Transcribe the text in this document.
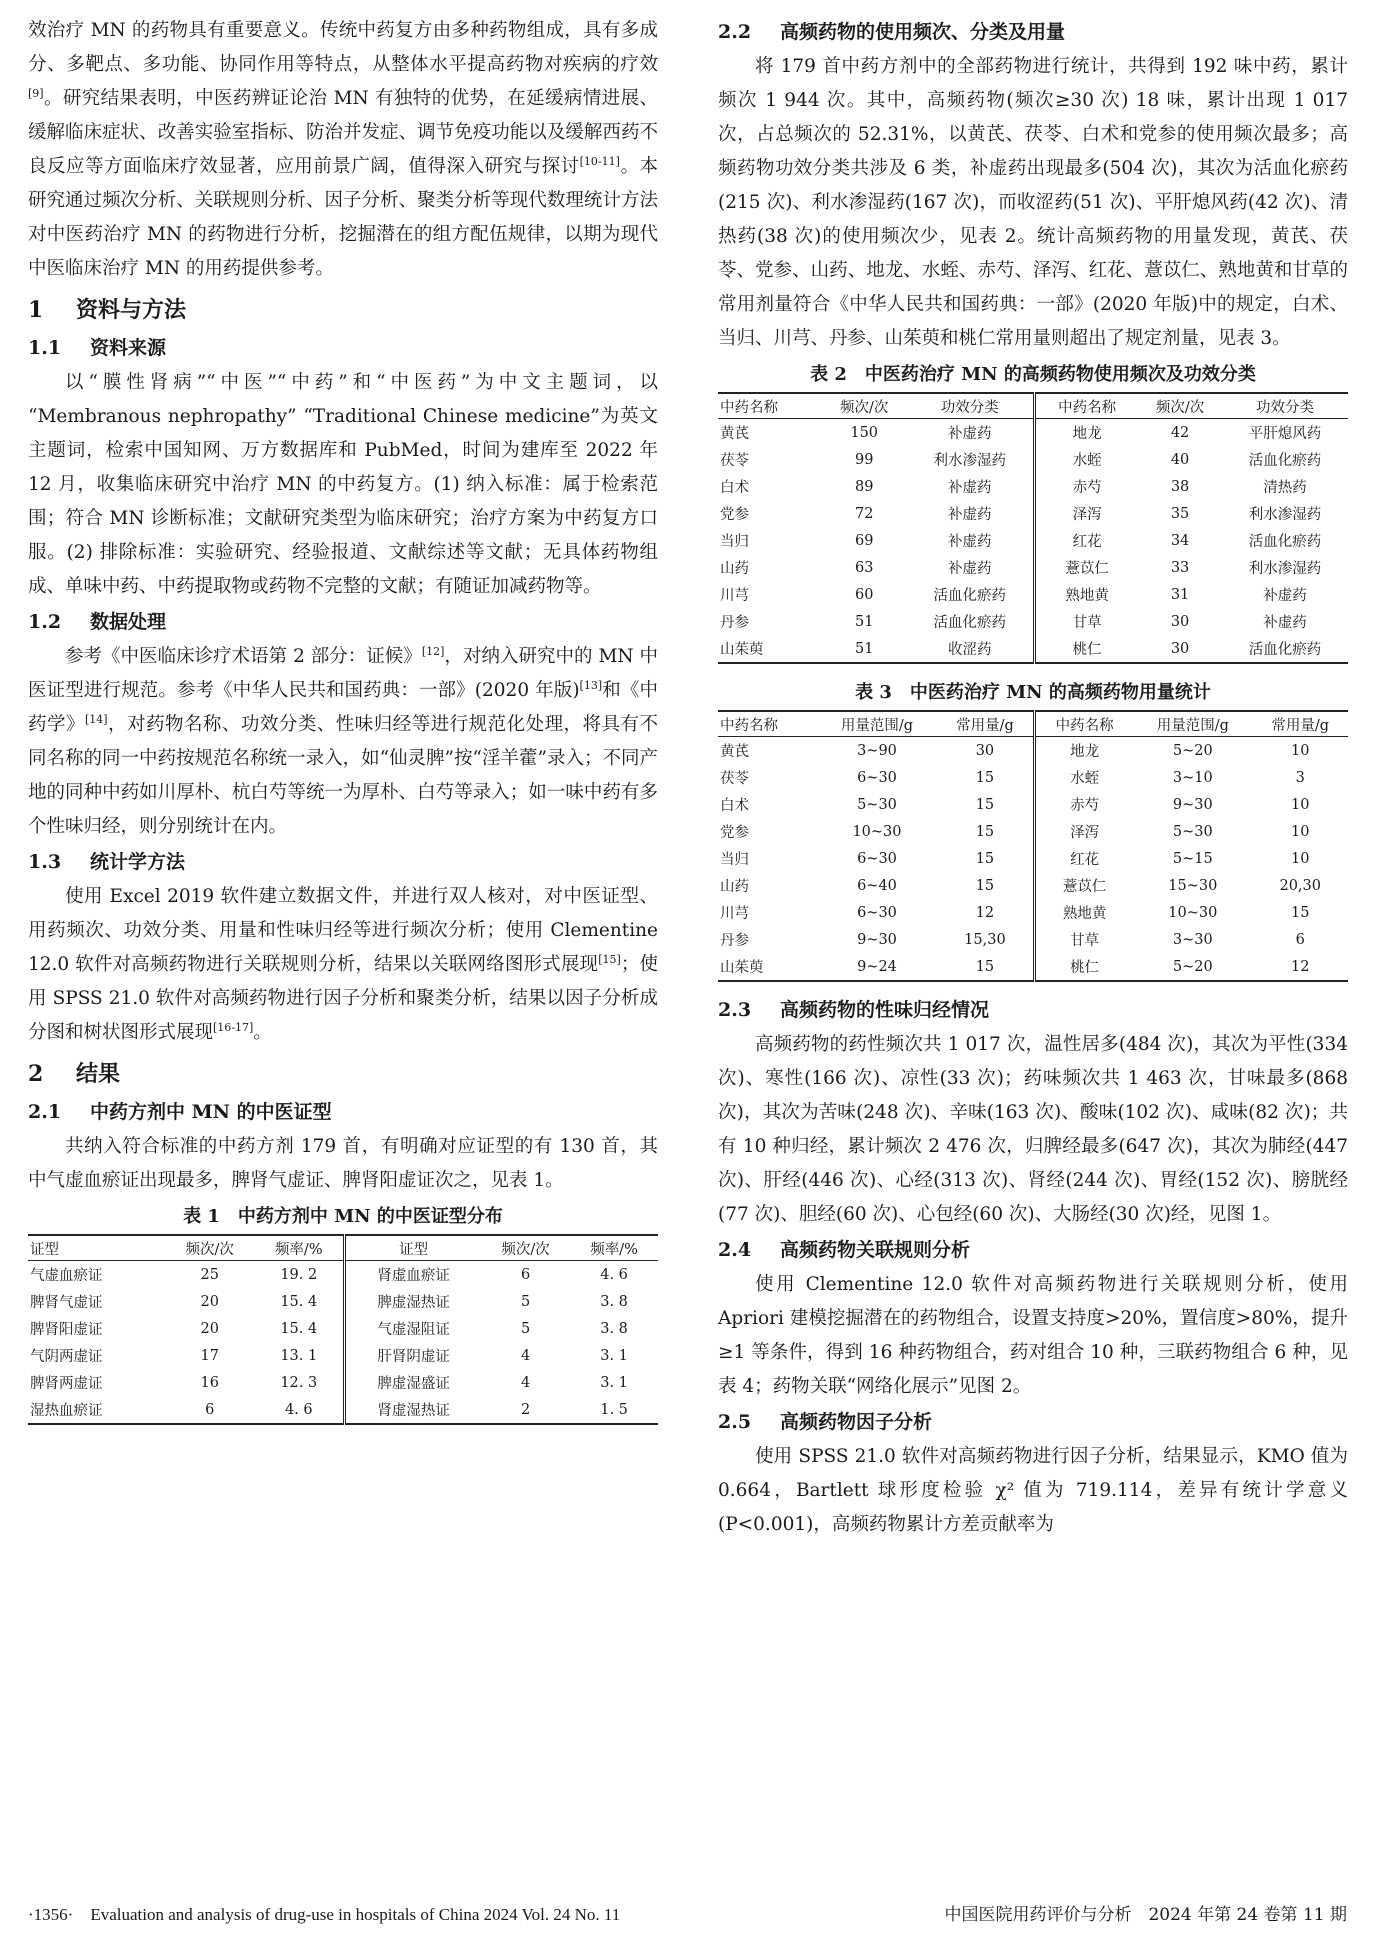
效治疗 MN 的药物具有重要意义。传统中药复方由多种药物组成，具有多成分、多靶点、多功能、协同作用等特点，从整体水平提高药物对疾病的疗效[9]。研究结果表明，中医药辨证论治 MN 有独特的优势，在延缓病情进展、缓解临床症状、改善实验室指标、防治并发症、调节免疫功能以及缓解西药不良反应等方面临床疗效显著，应用前景广阔，值得深入研究与探讨[10-11]。本研究通过频次分析、关联规则分析、因子分析、聚类分析等现代数理统计方法对中医药治疗 MN 的药物进行分析，挖掘潜在的组方配伍规律，以期为现代中医临床治疗 MN 的用药提供参考。

1 资料与方法
1.1 资料来源

以“膜性肾病”“中医”“中药”和“中医药”为中文主题词，以 “Membranous nephropathy” “Traditional Chinese medicine”为英文主题词，检索中国知网、万方数据库和 PubMed，时间为建库至 2022 年 12 月，收集临床研究中治疗 MN 的中药复方。(1) 纳入标准：属于检索范围；符合 MN 诊断标准；文献研究类型为临床研究；治疗方案为中药复方口服。(2) 排除标准：实验研究、经验报道、文献综述等文献；无具体药物组成、单味中药、中药提取物或药物不完整的文献；有随证加减药物等。

1.2 数据处理

参考《中医临床诊疗术语第 2 部分：证候》[12]，对纳入研究中的 MN 中医证型进行规范。参考《中华人民共和国药典：一部》(2020 年版)[13]和《中药学》[14]，对药物名称、功效分类、性味归经等进行规范化处理，将具有不同名称的同一中药按规范名称统一录入，如“仙灵脾”按“淫羊藿”录入；不同产地的同种中药如川厚朴、杭白芍等统一为厚朴、白芍等录入；如一味中药有多个性味归经，则分别统计在内。

1.3 统计学方法

使用 Excel 2019 软件建立数据文件，并进行双人核对，对中医证型、用药频次、功效分类、用量和性味归经等进行频次分析；使用 Clementine 12.0 软件对高频药物进行关联规则分析，结果以关联网络图形式展现[15]；使用 SPSS 21.0 软件对高频药物进行因子分析和聚类分析，结果以因子分析成分图和树状图形式展现[16-17]。

2 结果
2.1 中药方剂中 MN 的中医证型

共纳入符合标准的中药方剂 179 首，有明确对应证型的有 130 首，其中气虚血瘀证出现最多，脾肾气虚证、脾肾阳虚证次之，见表 1。

表 1　中药方剂中 MN 的中医证型分布
证型	频次/次	频率/%	证型	频次/次	频率/%
气虚血瘀证	25	19. 2	肾虚血瘀证	6	4. 6
脾肾气虚证	20	15. 4	脾虚湿热证	5	3. 8
脾肾阳虚证	20	15. 4	气虚湿阻证	5	3. 8
气阴两虚证	17	13. 1	肝肾阴虚证	4	3. 1
脾肾两虚证	16	12. 3	脾虚湿盛证	4	3. 1
湿热血瘀证	6	4. 6	肾虚湿热证	2	1. 5
2.2 高频药物的使用频次、分类及用量

将 179 首中药方剂中的全部药物进行统计，共得到 192 味中药，累计频次 1 944 次。其中，高频药物(频次≥30 次) 18 味，累计出现 1 017 次，占总频次的 52.31%，以黄芪、茯苓、白术和党参的使用频次最多；高频药物功效分类共涉及 6 类，补虚药出现最多(504 次)，其次为活血化瘀药(215 次)、利水渗湿药(167 次)，而收涩药(51 次)、平肝熄风药(42 次)、清热药(38 次)的使用频次少，见表 2。统计高频药物的用量发现，黄芪、茯苓、党参、山药、地龙、水蛭、赤芍、泽泻、红花、薏苡仁、熟地黄和甘草的常用剂量符合《中华人民共和国药典：一部》(2020 年版)中的规定，白术、当归、川芎、丹参、山茱萸和桃仁常用量则超出了规定剂量，见表 3。

表 2　中医药治疗 MN 的高频药物使用频次及功效分类
中药名称	频次/次	功效分类	中药名称	频次/次	功效分类
黄芪	150	补虚药	地龙	42	平肝熄风药
茯苓	99	利水渗湿药	水蛭	40	活血化瘀药
白术	89	补虚药	赤芍	38	清热药
党参	72	补虚药	泽泻	35	利水渗湿药
当归	69	补虚药	红花	34	活血化瘀药
山药	63	补虚药	薏苡仁	33	利水渗湿药
川芎	60	活血化瘀药	熟地黄	31	补虚药
丹参	51	活血化瘀药	甘草	30	补虚药
山茱萸	51	收涩药	桃仁	30	活血化瘀药
表 3　中医药治疗 MN 的高频药物用量统计
中药名称	用量范围/g	常用量/g	中药名称	用量范围/g	常用量/g
黄芪	3~90	30	地龙	5~20	10
茯苓	6~30	15	水蛭	3~10	3
白术	5~30	15	赤芍	9~30	10
党参	10~30	15	泽泻	5~30	10
当归	6~30	15	红花	5~15	10
山药	6~40	15	薏苡仁	15~30	20,30
川芎	6~30	12	熟地黄	10~30	15
丹参	9~30	15,30	甘草	3~30	6
山茱萸	9~24	15	桃仁	5~20	12
2.3 高频药物的性味归经情况

高频药物的药性频次共 1 017 次，温性居多(484 次)，其次为平性(334 次)、寒性(166 次)、凉性(33 次)；药味频次共 1 463 次，甘味最多(868 次)，其次为苦味(248 次)、辛味(163 次)、酸味(102 次)、咸味(82 次)；共有 10 种归经，累计频次 2 476 次，归脾经最多(647 次)，其次为肺经(447 次)、肝经(446 次)、心经(313 次)、肾经(244 次)、胃经(152 次)、膀胱经(77 次)、胆经(60 次)、心包经(60 次)、大肠经(30 次)经，见图 1。

2.4 高频药物关联规则分析

使用 Clementine 12.0 软件对高频药物进行关联规则分析，使用 Apriori 建模挖掘潜在的药物组合，设置支持度>20%，置信度>80%，提升≥1 等条件，得到 16 种药物组合，药对组合 10 种，三联药物组合 6 种，见表 4；药物关联“网络化展示”见图 2。

2.5 高频药物因子分析

使用 SPSS 21.0 软件对高频药物进行因子分析，结果显示，KMO 值为 0.664，Bartlett 球形度检验 χ² 值为 719.114，差异有统计学意义(P<0.001)，高频药物累计方差贡献率为

·1356·　Evaluation and analysis of drug-use in hospitals of China 2024 Vol. 24 No. 11	中国医院用药评价与分析　2024 年第 24 卷第 11 期
